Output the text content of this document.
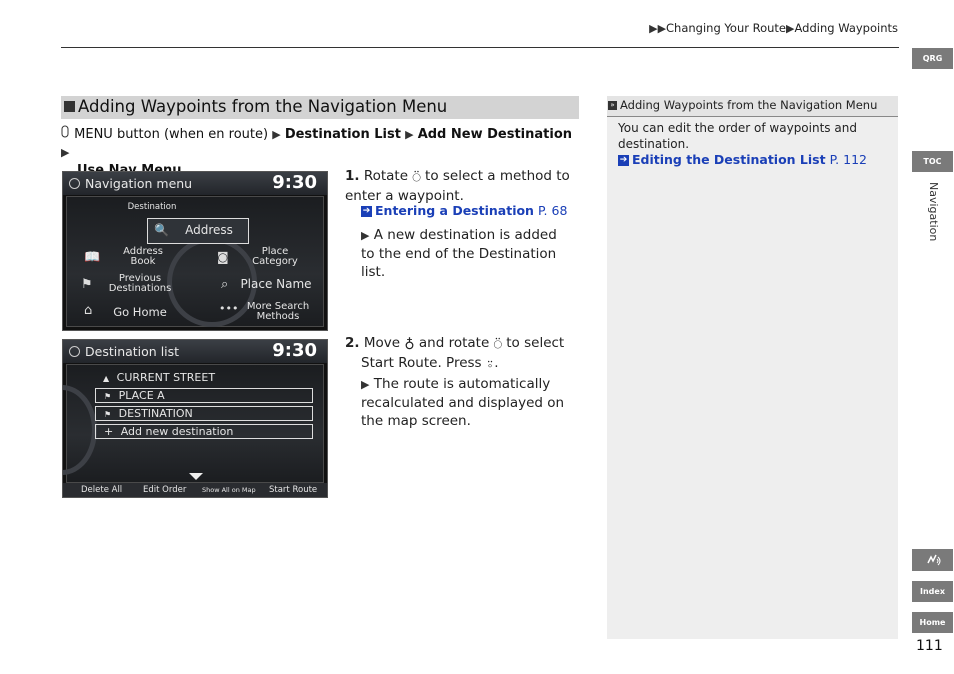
▶▶Changing Your Route▶Adding Waypoints
QRG
TOC
Navigation
Index
Home
111
Adding Waypoints from the Navigation Menu
MENU button (when en route) ▶ Destination List ▶ Add New Destination ▶

Navigation menu	9:30
Destination
🔍	Address
📖	Address
Book	◙	Place
Category
⚑	Previous
Destinations	⌕ Place Name
⌂	Go Home	••• More Search
Methods
Destination list	9:30
▲ CURRENT STREET
⚑ PLACE A
⚑ DESTINATION
+ Add new destination
Delete All Edit Order Show All on Map Start Route
1. Rotate ⍥ to select a method to enter a waypoint.
➔ Entering a Destination P. 68
▶ A new destination is added to the end of the Destination list.
2. Move ♁ and rotate ⍥ to select
Start Route. Press ⍤.
▶ The route is automatically recalculated and displayed on the map screen.
» Adding Waypoints from the Navigation Menu
You can edit the order of waypoints and destination.
➔ Editing the Destination List P. 112
